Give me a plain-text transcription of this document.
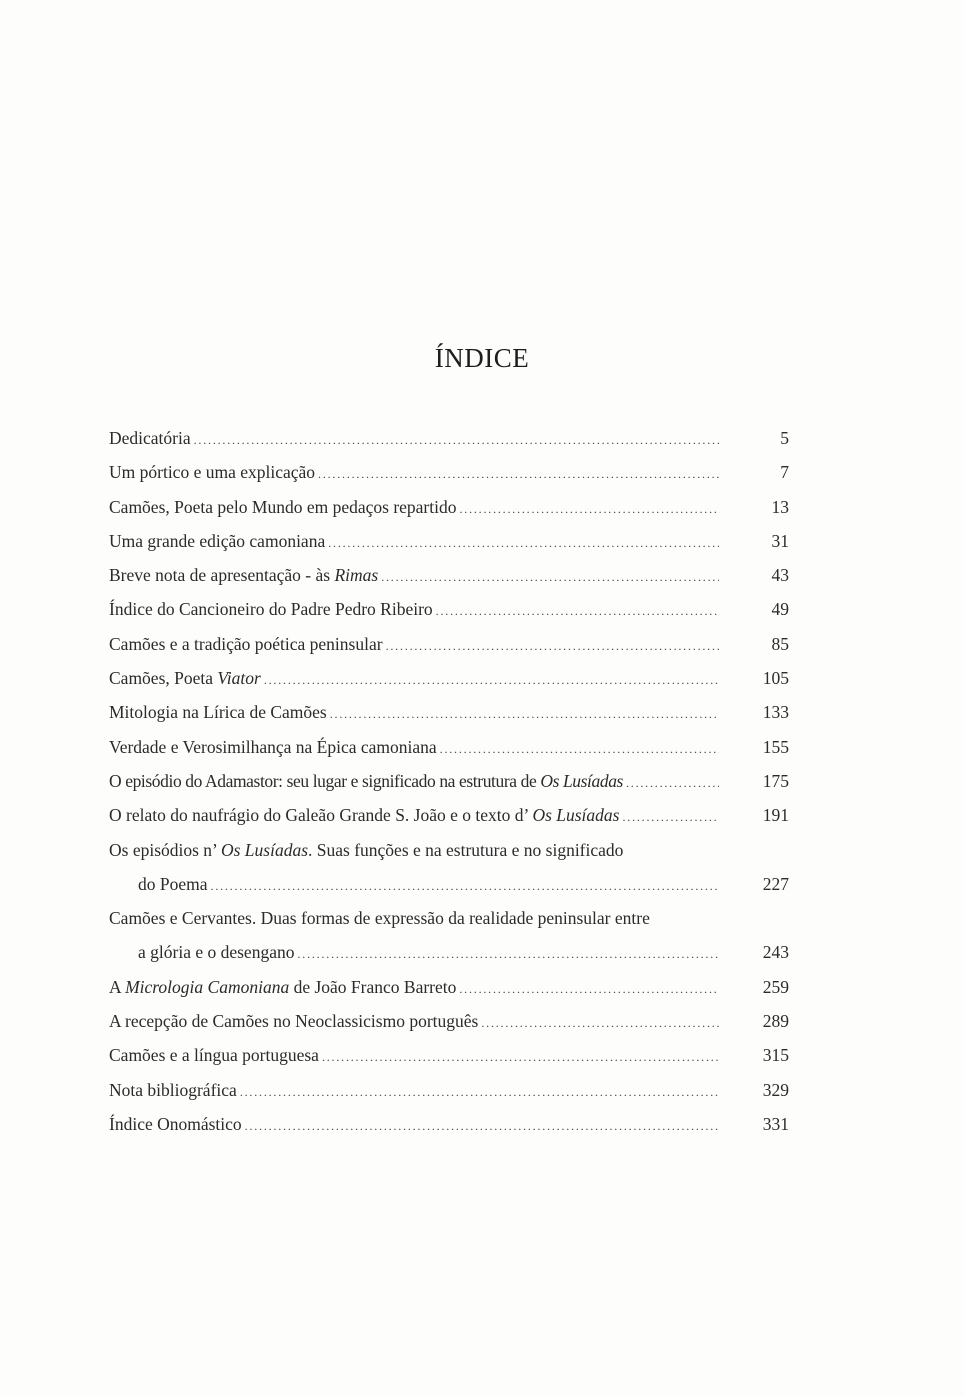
ÍNDICE
Dedicatória . . .	5
Um pórtico e uma explicação . . .	7
Camões, Poeta pelo Mundo em pedaços repartido . . .	13
Uma grande edição camoniana . . .	31
Breve nota de apresentação - às Rimas . . .	43
Índice do Cancioneiro do Padre Pedro Ribeiro . . .	49
Camões e a tradição poética peninsular . . .	85
Camões, Poeta Viator . . .	105
Mitologia na Lírica de Camões . . .	133
Verdade e Verosimilhança na Épica camoniana . . .	155
O episódio do Adamastor: seu lugar e significado na estrutura de Os Lusíadas . . .	175
O relato do naufrágio do Galeão Grande S. João e o texto d’ Os Lusíadas . . .	191
Os episódios n’ Os Lusíadas. Suas funções e na estrutura e no significado
do Poema . . .	227
Camões e Cervantes. Duas formas de expressão da realidade peninsular entre
a glória e o desengano . . .	243
A Micrologia Camoniana de João Franco Barreto . . .	259
A recepção de Camões no Neoclassicismo português . . .	289
Camões e a língua portuguesa . . .	315
Nota bibliográfica . . .	329
Índice Onomástico . . .	331
